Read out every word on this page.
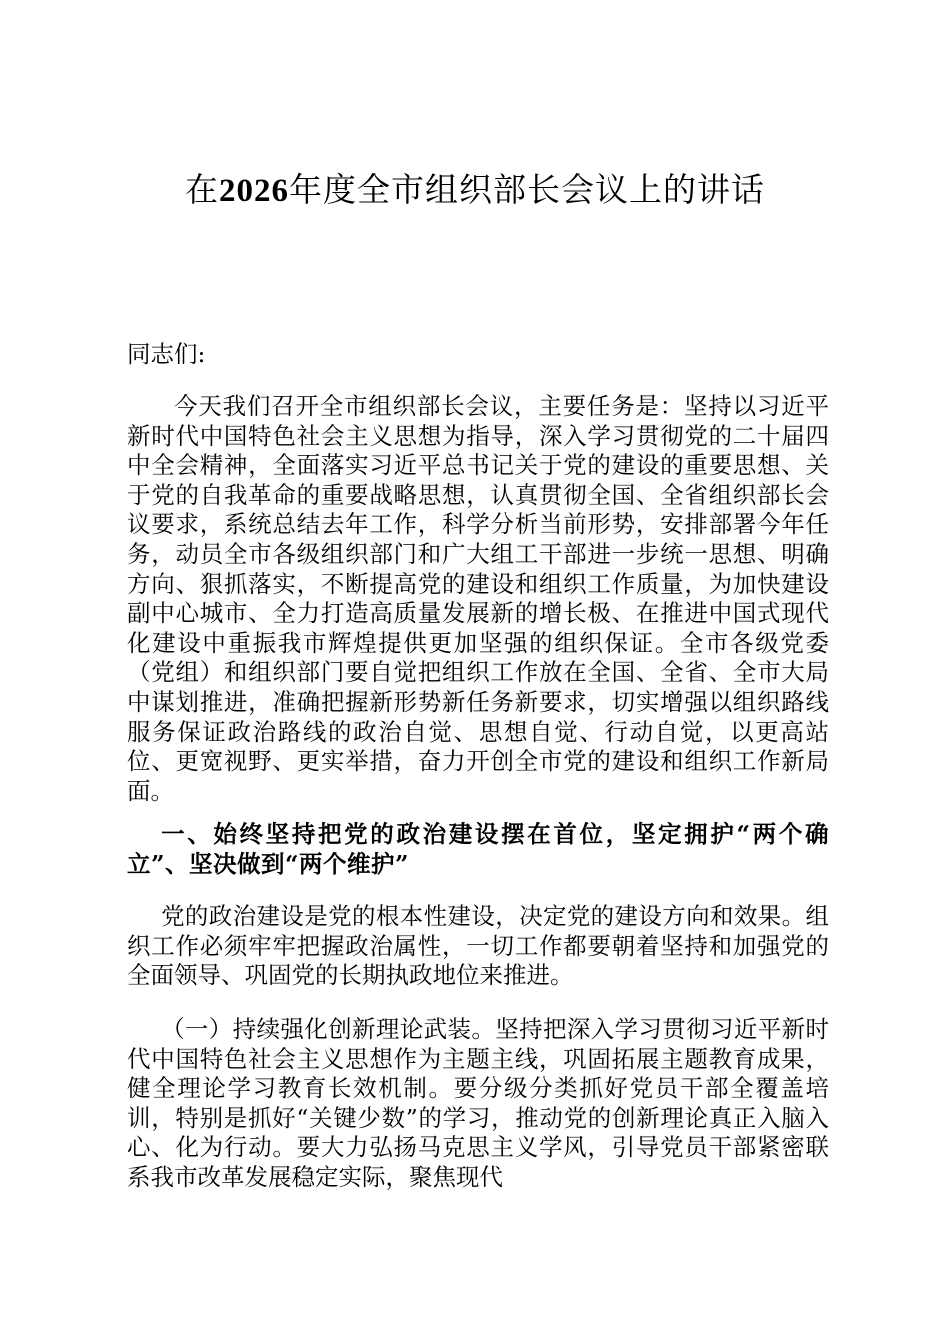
在2026年度全市组织部长会议上的讲话
同志们:
今天我们召开全市组织部长会议，主要任务是：坚持以习近平新时代中国特色社会主义思想为指导，深入学习贯彻党的二十届四中全会精神，全面落实习近平总书记关于党的建设的重要思想、关于党的自我革命的重要战略思想，认真贯彻全国、全省组织部长会议要求，系统总结去年工作，科学分析当前形势，安排部署今年任务，动员全市各级组织部门和广大组工干部进一步统一思想、明确方向、狠抓落实，不断提高党的建设和组织工作质量，为加快建设副中心城市、全力打造高质量发展新的增长极、在推进中国式现代化建设中重振我市辉煌提供更加坚强的组织保证。全市各级党委（党组）和组织部门要自觉把组织工作放在全国、全省、全市大局中谋划推进，准确把握新形势新任务新要求，切实增强以组织路线服务保证政治路线的政治自觉、思想自觉、行动自觉，以更高站位、更宽视野、更实举措，奋力开创全市党的建设和组织工作新局面。
一、始终坚持把党的政治建设摆在首位，坚定拥护“两个确立”、坚决做到“两个维护”
党的政治建设是党的根本性建设，决定党的建设方向和效果。组织工作必须牢牢把握政治属性，一切工作都要朝着坚持和加强党的全面领导、巩固党的长期执政地位来推进。
（一）持续强化创新理论武装。坚持把深入学习贯彻习近平新时代中国特色社会主义思想作为主题主线，巩固拓展主题教育成果，健全理论学习教育长效机制。要分级分类抓好党员干部全覆盖培训，特别是抓好“关键少数”的学习，推动党的创新理论真正入脑入心、化为行动。要大力弘扬马克思主义学风，引导党员干部紧密联系我市改革发展稳定实际，聚焦现代
